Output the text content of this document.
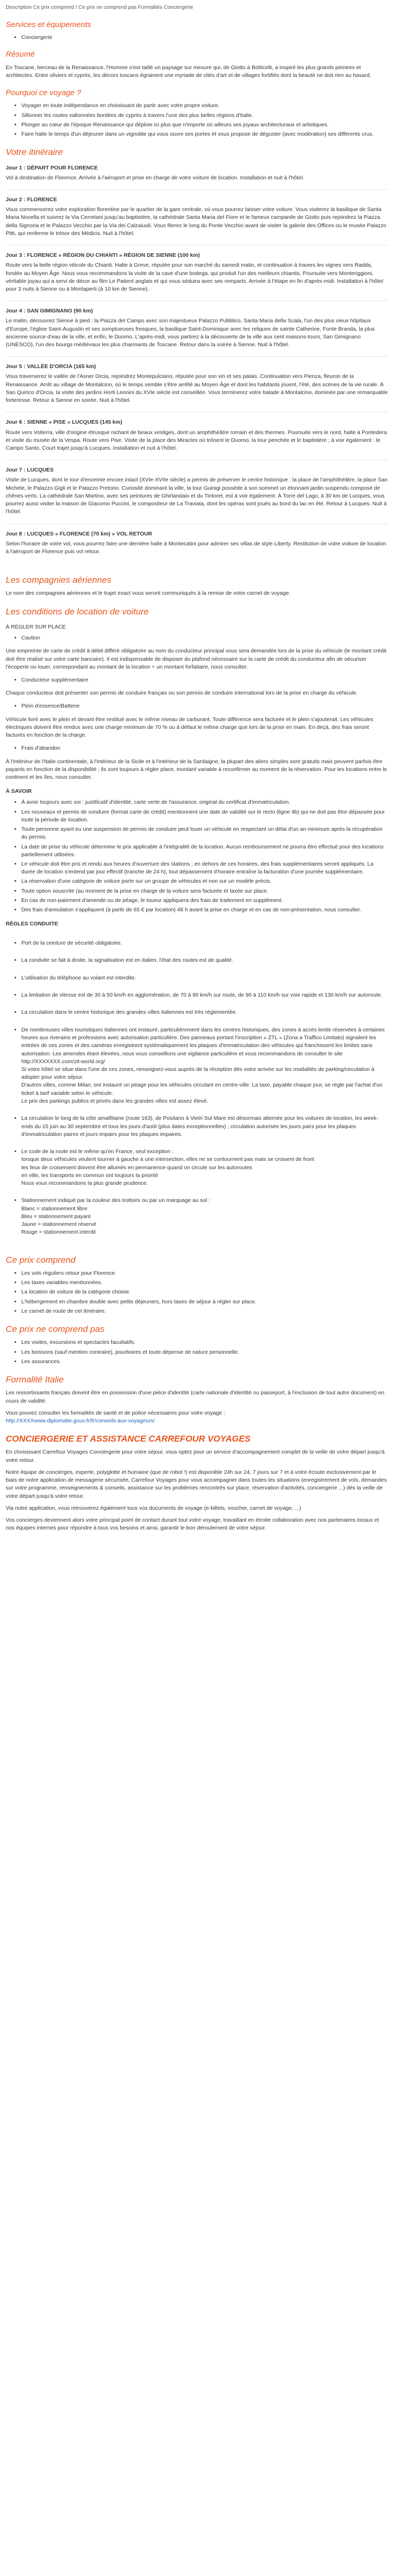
Description Ce prix comprend / Ce prix ne comprend pas Formalités Conciergerie

Services et équipements
• Conciergerie
Résumé

En Toscane, berceau de la Renaissance, l'Homme s'est taillé un paysage sur mesure qui, de Giotto à Botticelli, a inspiré les plus grands peintres et architectes. Entre oliviers et cyprès, les décors toscans égrainent une myriade de cités d'art et de villages fortifiés dont la beauté ne doit rien au hasard.

Pourquoi ce voyage ?
• Voyager en toute indépendance en choisissant de partir avec votre propre voiture.
• Sillonner les routes vallonnées bordées de cyprès à travers l'une des plus belles régions d'Italie.
• Plonger au cœur de l'époque Renaissance qui déploie ici plus que n'importe où ailleurs ses joyaux architecturaux et artistiques.
• Faire halte le temps d'un déjeuner dans un vignoble qui vous ouvre ses portes et vous propose de déguster (avec modération) ses différents crus.
Votre itinéraire
Jour 1 : DÉPART POUR FLORENCE

Vol à destination de Florence. Arrivée à l'aéroport et prise en charge de votre voiture de location. Installation et nuit à l'hôtel.

Jour 2 : FLORENCE

Vous commencerez votre exploration florentine par le quartier de la gare centrale, où vous pourrez laisser votre voiture. Vous visiterez la basilique de Santa Maria Novella et suivrez la Via Cerretani jusqu'au baptistère, la cathédrale Santa Maria del Fiore et le fameux campanile de Giotto puis rejoindrez la Piazza della Signoria et le Palazzo Vecchio par la Via dei Calzaiuoli. Vous filerez le long du Ponte Vecchio avant de visiter la galerie des Offices ou le musée Palazzo Pitti, qui renferme le trésor des Médicis. Nuit à l'hôtel.

Jour 3 : FLORENCE » RÉGION DU CHIANTI » RÉGION DE SIENNE (100 km)

Route vers la belle région viticole du Chianti. Halte à Greve, réputée pour son marché du samedi matin, et continuation à travers les vignes vers Radda, fondée au Moyen Âge. Nous vous recommandons la visite de la cave d'une bodega, qui produit l'un des meilleurs chiantis. Poursuite vers Monteriggioni, véritable joyau qui a servi de décor au film Le Patient anglais et qui vous séduira avec ses remparts. Arrivée à l'étape en fin d'après-midi. Installation à l'hôtel pour 3 nuits à Sienne ou à Montaperti (à 10 km de Sienne).

Jour 4 : SAN GIMIGNANO (90 km)

Le matin, découvrez Sienne à pied : la Piazza del Campo avec son majestueux Palazzo Pubblico, Santa Maria della Scala, l'un des plus vieux hôpitaux d'Europe, l'église Saint-Augustin et ses somptueuses fresques, la basilique Saint-Dominique avec les reliques de sainte Catherine, Fonte Branda, la plus ancienne source d'eau de la ville, et enfin, le Duomo. L'après-midi, vous partirez à la découverte de la ville aux cent maisons-tours, San Gimignano (UNESCO), l'un des bourgs médiévaux les plus charmants de Toscane. Retour dans la soirée à Sienne. Nuit à l'hôtel.

Jour 5 : VALLÉE D'ORCIA (165 km)

Vous traverserez le vallée de l'Asner Orcia, rejoindrez Montepulciano, réputée pour son vin et ses palais. Continuation vers Pienza, fleuron de la Renaissance. Arrêt au village de Montalcino, où le temps semble s'être arrêté au Moyen Âge et dont les habitants jouent, l'été, des scènes de la vie rurale. À San Quirico d'Orcia, la visite des jardins Horti Leonini du XVIe siècle est conseillée. Vous terminerez votre balade à Montalcino, dominée par une remarquable forteresse. Retour à Sienne en soirée. Nuit à l'hôtel.

Jour 6 : SIENNE » PISE » LUCQUES (145 km)

Route vers Volterra, ville d'origine étrusque nichant de beaux vestiges, dont un amphithéâtre romain et des thermes. Poursuite vers le nord, halte à Pontedera et visite du musée de la Vespa. Route vers Pise. Visite de la place des Miracles où trônent le Duomo, la tour penchée et le baptistère ; à voir également : le Campo Santo. Court trajet jusqu'à Lucques. Installation et nuit à l'hôtel.

Jour 7 : LUCQUES

Visite de Lucques, dont le tour d'enceinte encore intact (XVIe-XVIIe siècle) a permis de préserver le centre historique : la place de l'amphithéâtre, la place San Michele, le Palazzo Gigli et le Palazzo Pretorio. Curiosité dominant la ville, la tour Guinigi possède à son sommet un étonnant jardin suspendu composé de chênes verts. La cathédrale San Martino, avec ses peintures de Ghirlandaio et du Tintoret, est à voir également. À Torre del Lago, à 30 km de Lucques, vous pourrez aussi visiter la maison de Giacomo Puccini, le compositeur de La Traviata, dont les opéras sont joués au bord du lac en été. Retour à Lucques. Nuit à l'hôtel.

Jour 8 : LUCQUES » FLORENCE (70 km) » VOL RETOUR

Selon l'horaire de votre vol, vous pourrez faire une dernière halte à Montecatini pour admirer ses villas de style Liberty. Restitution de votre voiture de location à l'aéroport de Florence puis vol retour.

Les compagnies aériennes

Le nom des compagnies aériennes et le trajet exact vous seront communiqués à la remise de votre carnet de voyage.

Les conditions de location de voiture
À RÉGLER SUR PLACE
• Caution

Une empreinte de carte de crédit à débit différé obligatoire au nom du conducteur principal vous sera demandée lors de la prise du véhicule (le montant crédit doit être réalisé sur votre carte bancaire). Il est indispensable de disposer du plafond nécessaire sur la carte de crédit du conducteur afin de sécuriser l'écoperie ou louer, correspondant au montant de la location + un montant forfaitaire, nous consulter.

• Conducteur supplémentaire

Chaque conducteur doit présenter son permis de conduire français ou son permis de conduire international lors de la prise en charge du véhicule.

• Plein d'essence/Batterie

Véhicule livré avec le plein et devant être restitué avec le même niveau de carburant. Toute différence sera facturée et le plein s'ajouterait. Les véhicules électriques doivent être rendus avec une charge minimum de 70 % ou à défaut le même charge que lors de la prise en main. En deçà, des frais seront facturés en fonction de la charge.

• Frais d'abandon

À l'intérieur de l'Italie continentale, à l'intérieur de la Sicile et à l'intérieur de la Sardaigne, la plupart des aliers simples sont gratuits mais peuvent parfois être payants en fonction de la disponibilité ; ils sont toujours à régler place, montant variable à reconfirmer au moment de la réservation. Pour les locations entre le continent et les îles, nous consulter.

À SAVOIR
• À avoir toujours avec soi : justificatif d'identité, carte verte de l'assurance, original du certificat d'immatriculation.
• Les nouveaux et permis de conduire (format carte de crédit) mentionnent une date de validité sur le recto (ligne 4b) qui ne doit pas être dépassée pour toute la période de location.
• Toute personne ayant eu une suspension de permis de conduire peut louer un véhicule en respectant un délai d'un an minimum après la récupération du permis.
• La date de prise du véhicule détermine le prix applicable à l'intégralité de la location. Aucun remboursement ne pourra être effectué pour des locations partiellement utilisées.
• Le véhicule doit être pris et rendu aux heures d'ouverture des stations ; en dehors de ces horaires, des frais supplémentaires seront appliqués. La durée de location s'entend par jour effectif (tranche de 24 h), tout dépassement d'horaire entraîne la facturation d'une journée supplémentaire.
• La réservation d'une catégorie de voiture porte sur un groupe de véhicules et non sur un modèle précis.
• Toute option souscrite (au moment de la prise en charge de la voiture sera facturée et taxée sur place.
• En cas de non-paiement d'amende ou de péage, le loueur appliquera des frais de traitement en supplément.
• Des frais d'annulation s'appliquent (à partir de 65 € par location) 48 h avant la prise en charge et en cas de non-présentation, nous consulter.
RÈGLES CONDUITE

• Port de la ceinture de sécurité obligatoire.

• La conduite se fait à droite, la signalisation est en italien, l'état des routes est de qualité.

• L'utilisation du téléphone au volant est interdite.

• La limitation de vitesse est de 30 à 50 km/h en agglomération, de 70 à 90 km/h sur route, de 90 à 110 km/h sur voie rapide et 130 km/h sur autoroute.

• La circulation dans le centre historique des grandes villes italiennes est très réglementée.

• De nombreuses villes touristiques italiennes ont instauré, particulièrement dans les centres historiques, des zones à accès limité réservées à certaines heures aux riverains et professions avec autorisation particulière. Des panneaux portant l'inscription « ZTL » (Zona a Traffico Limitato) signalent les entrées de ces zones et des caméras enregistrent systématiquement les plaques d'immatriculation des véhicules qui franchissent les limites sans autorisation. Les amendes étant élevées, nous vous conseillons une vigilance particulière et vous recommandons de consulter le site http://XXXXXXX.com/ztl-world.org/
Si votre hôtel se situe dans l'une de ces zones, renseignez-vous auprès de la réception dès votre arrivée sur les modalités de parking/circulation à adopter pour votre séjour.
D'autres villes, comme Milan, ont instauré un péage pour les véhicules circulant en centre-ville. La taxe, payable chaque jour, se règle par l'achat d'un ticket à tarif variable selon le véhicule.
Le prix des parkings publics et privés dans les grandes villes est assez élevé.

• La circulation le long de la côte amalfitaine (route 163), de Positano à Vietri Sul Mare est désormais alternée pour les voitures de location, les week-ends du 15 juin au 30 septembre et tous les jours d'août (plus dates exceptionnelles) ; circulation autorisée les jours pairs pour les plaques d'immatriculation paires et jours impairs pour les plaques impaires.

• Le code de la route est le même qu'en France, seul exception :
lorsque deux véhicules veulent tourner à gauche à une intersection, elles ne se contournent pas mais se croisent de front
les feux de croisement doivent être allumés en permanence quand on circule sur les autoroutes
en ville, les transports en commun ont toujours la priorité
Nous vous recommandons la plus grande prudence.

• Stationnement indiqué par la couleur des trottoirs ou par un marquage au sol :
Blanc = stationnement libre
Bleu = stationnement payant
Jaune = stationnement réservé
Rouge = stationnement interdit

Ce prix comprend
• Les vols réguliers retour pour Florence.
• Les taxes variables mentionnées.
• La location de voiture de la catégorie choisie.
• L'hébergement en chambre double avec petits déjeuners, hors taxes de séjour à régler sur place.
• Le carnet de route de cet itinéraire.
Ce prix ne comprend pas
• Les visites, excursions et spectacles facultatifs.
• Les boissons (sauf mention contraire), pourboires et toute dépense de nature personnelle.
• Les assurances.
Formalité Italie

Les ressortissants français doivent être en possession d'une pièce d'identité (carte nationale d'identité ou passeport, à l'exclusion de tout autre document) en cours de validité.

Vous pouvez consulter les formalités de santé et de police nécessaires pour votre voyage :
http://XXXXwww.diplomatie.gouv.fr/fr/conseils-aux-voyageurs/

CONCIERGERIE ET ASSISTANCE CARREFOUR VOYAGES

En choisissant Carrefour Voyages Conciergerie pour votre séjour, vous optez pour un service d'accompagnement complet de la veille de votre départ jusqu'à votre retour.

Notre équipe de concierges, experte, polyglotte et humaine (que de robot !) est disponible 24h sur 24, 7 jours sur 7 et à votre écoute exclusivement par le biais de notre application de messagerie sécurisée, Carrefour Voyages pour vous accompagner dans toutes les situations (enregistrement de vols, demandes sur votre programme, renseignements & conseils, assistance sur les problèmes rencontrés sur place, réservation d'activités, conciergerie ...) dès la veille de votre départ jusqu'à votre retour.

Via notre application, vous retrouverez également tous vos documents de voyage (e-billets, voucher, carnet de voyage, ...)

Vos concierges deviennent alors votre principal point de contact durant tout votre voyage, travaillant en étroite collaboration avec nos partenaires locaux et nos équipes internes pour répondre à tous vos besoins et ainsi, garantir le bon déroulement de votre séjour.
